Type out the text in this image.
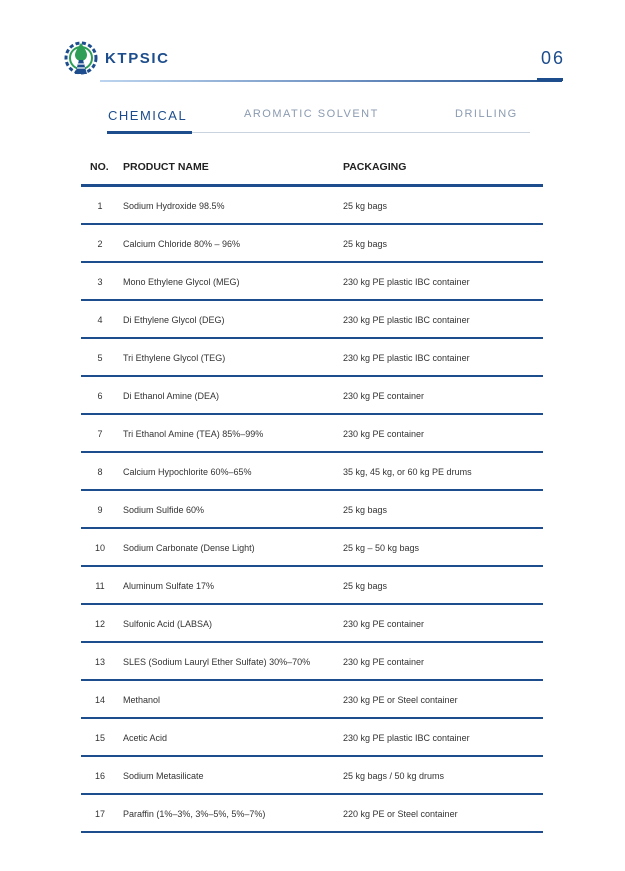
KTPSIC	06
CHEMICAL	AROMATIC SOLVENT	DRILLING
NO. PRODUCT NAME	PACKAGING
1	Sodium Hydroxide 98.5%	25 kg bags
2	Calcium Chloride 80% – 96%	25 kg bags
3	Mono Ethylene Glycol (MEG)	230 kg PE plastic IBC container
4	Di Ethylene Glycol (DEG)	230 kg PE plastic IBC container
5	Tri Ethylene Glycol (TEG)	230 kg PE plastic IBC container
6	Di Ethanol Amine (DEA)	230 kg PE container
7	Tri Ethanol Amine (TEA) 85%–99%	230 kg PE container
8	Calcium Hypochlorite 60%–65%	35 kg, 45 kg, or 60 kg PE drums
9	Sodium Sulfide 60%	25 kg bags
10	Sodium Carbonate (Dense Light)	25 kg – 50 kg bags
11	Aluminum Sulfate 17%	25 kg bags
12	Sulfonic Acid (LABSA)	230 kg PE container
13	SLES (Sodium Lauryl Ether Sulfate) 30%–70%	230 kg PE container
14	Methanol	230 kg PE or Steel container
15	Acetic Acid	230 kg PE plastic IBC container
16	Sodium Metasilicate	25 kg bags / 50 kg drums
17	Paraffin (1%–3%, 3%–5%, 5%–7%)	220 kg PE or Steel container
